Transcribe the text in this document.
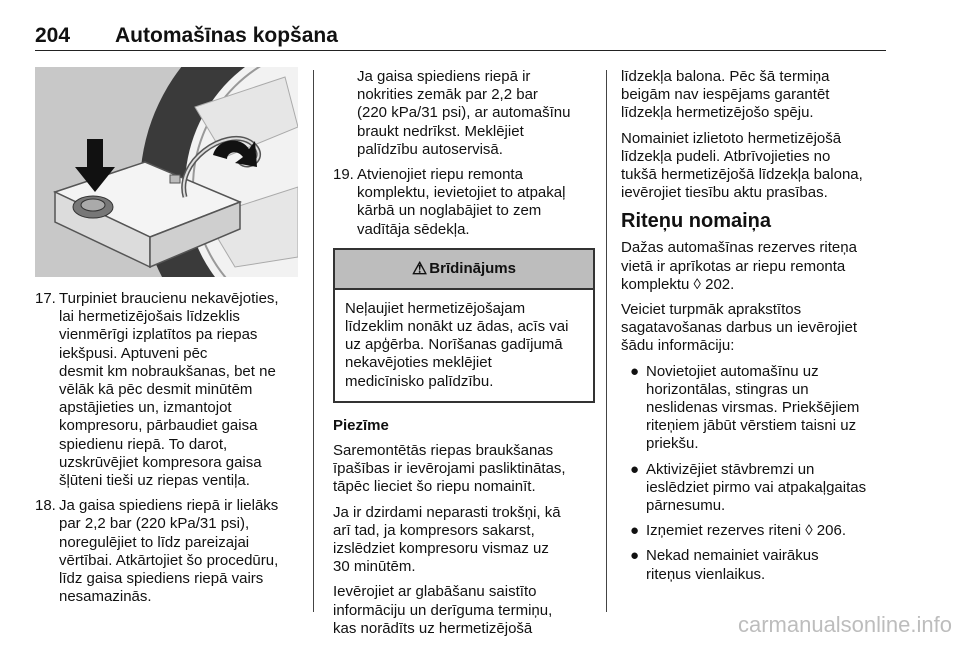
204 Automašīnas kopšana
17. Turpiniet braucienu nekavējoties,
lai hermetizējošais līdzeklis
vienmērīgi izplatītos pa riepas
iekšpusi. Aptuveni pēc
desmit km nobraukšanas, bet ne
vēlāk kā pēc desmit minūtēm
apstājieties un, izmantojot
kompresoru, pārbaudiet gaisa
spiedienu riepā. To darot,
uzskrūvējiet kompresora gaisa
šļūteni tieši uz riepas ventiļa.
18. Ja gaisa spiediens riepā ir lielāks
par 2,2 bar (220 kPa/31 psi),
noregulējiet to līdz pareizajai
vērtībai. Atkārtojiet šo procedūru,
līdz gaisa spiediens riepā vairs
nesamazinās.
Ja gaisa spiediens riepā ir
nokrities zemāk par 2,2 bar
(220 kPa/31 psi), ar automašīnu
braukt nedrīkst. Meklējiet
palīdzību autoservisā.
19. Atvienojiet riepu remonta
komplektu, ievietojiet to atpakaļ
kārbā un noglabājiet to zem
vadītāja sēdekļa.
⚠ Brīdinājums
Neļaujiet hermetizējošajam
līdzeklim nonākt uz ādas, acīs vai
uz apģērba. Norīšanas gadījumā
nekavējoties meklējiet
medicīnisko palīdzību.

Piezīme

Saremontētās riepas braukšanas
īpašības ir ievērojami pasliktinātas,
tāpēc lieciet šo riepu nomainīt.

Ja ir dzirdami neparasti trokšņi, kā
arī tad, ja kompresors sakarst,
izslēdziet kompresoru vismaz uz
30 minūtēm.

Ievērojiet ar glabāšanu saistīto
informāciju un derīguma termiņu,
kas norādīts uz hermetizējošā

līdzekļa balona. Pēc šā termiņa
beigām nav iespējams garantēt
līdzekļa hermetizējošo spēju.

Nomainiet izlietoto hermetizējošā
līdzekļa pudeli. Atbrīvojieties no
tukšā hermetizējošā līdzekļa balona,
ievērojiet tiesību aktu prasības.

Riteņu nomaiņa

Dažas automašīnas rezerves riteņa
vietā ir aprīkotas ar riepu remonta
komplektu ◊ 202.

Veiciet turpmāk aprakstītos
sagatavošanas darbus un ievērojiet
šādu informāciju:

● Novietojiet automašīnu uz
horizontālas, stingras un
neslidenas virsmas. Priekšējiem
riteņiem jābūt vērstiem taisni uz
priekšu.
● Aktivizējiet stāvbremzi un
ieslēdziet pirmo vai atpakaļgaitas
pārnesumu.
● Izņemiet rezerves riteni ◊ 206.
● Nekad nemainiet vairākus
riteņus vienlaikus.
carmanualsonline.info
